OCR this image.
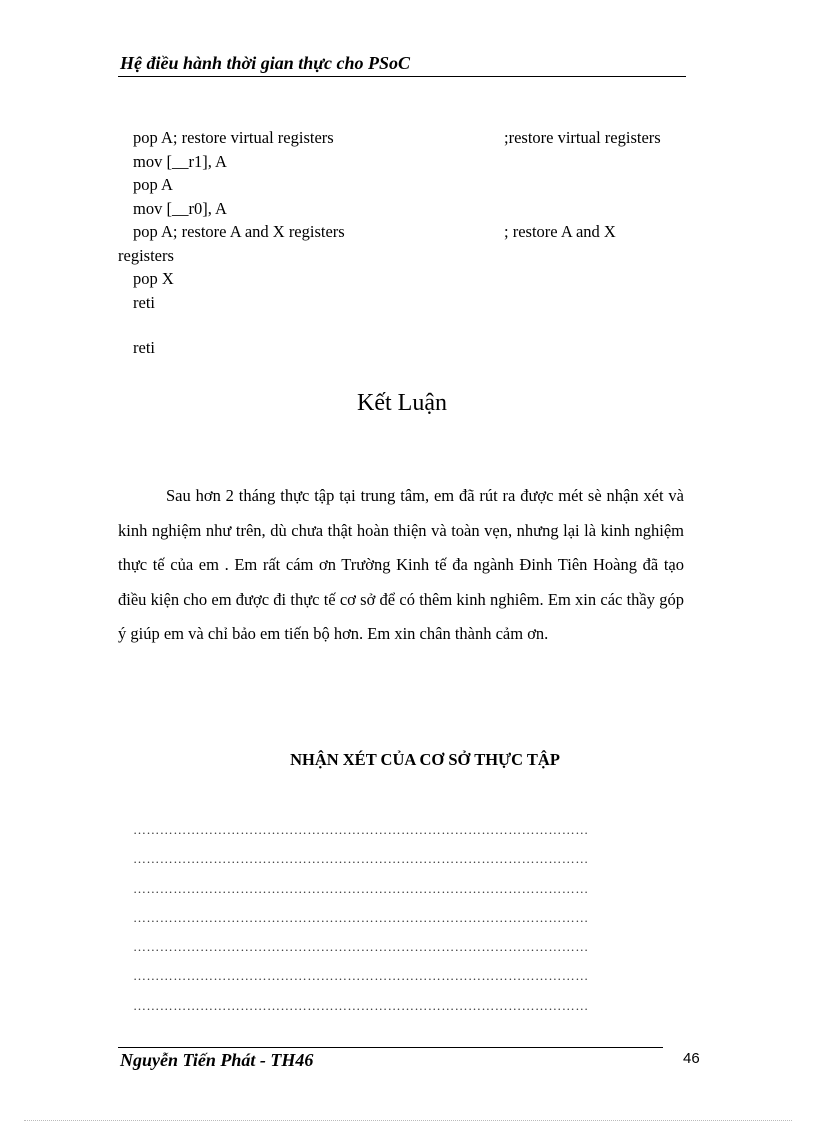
Hệ điều hành thời gian thực cho PSoC
pop A; restore virtual registers	;restore virtual registers
mov [__r1], A
pop A
mov [__r0], A
pop A; restore A and X registers	; restore A and X
registers
pop X
reti
reti
Kết Luận

Sau hơn 2 tháng thực tập tại trung tâm, em đã rút ra được mét sè nhận xét và kinh nghiệm như trên, dù chưa thật hoàn thiện và toàn vẹn, nhưng lại là kinh nghiệm thực tế của em . Em rất cám ơn Trường Kinh tế đa ngành Đinh Tiên Hoàng đã tạo điều kiện cho em được đi thực tế cơ sở để có thêm kinh nghiêm. Em xin các thầy góp ý giúp em và chỉ bảo em tiến bộ hơn. Em xin chân thành cảm ơn.

NHẬN XÉT CỦA CƠ SỞ THỰC TẬP
…………………………………………………………………………………………
…………………………………………………………………………………………
…………………………………………………………………………………………
…………………………………………………………………………………………
…………………………………………………………………………………………
…………………………………………………………………………………………
…………………………………………………………………………………………
Nguyễn Tiến Phát - TH46	46
